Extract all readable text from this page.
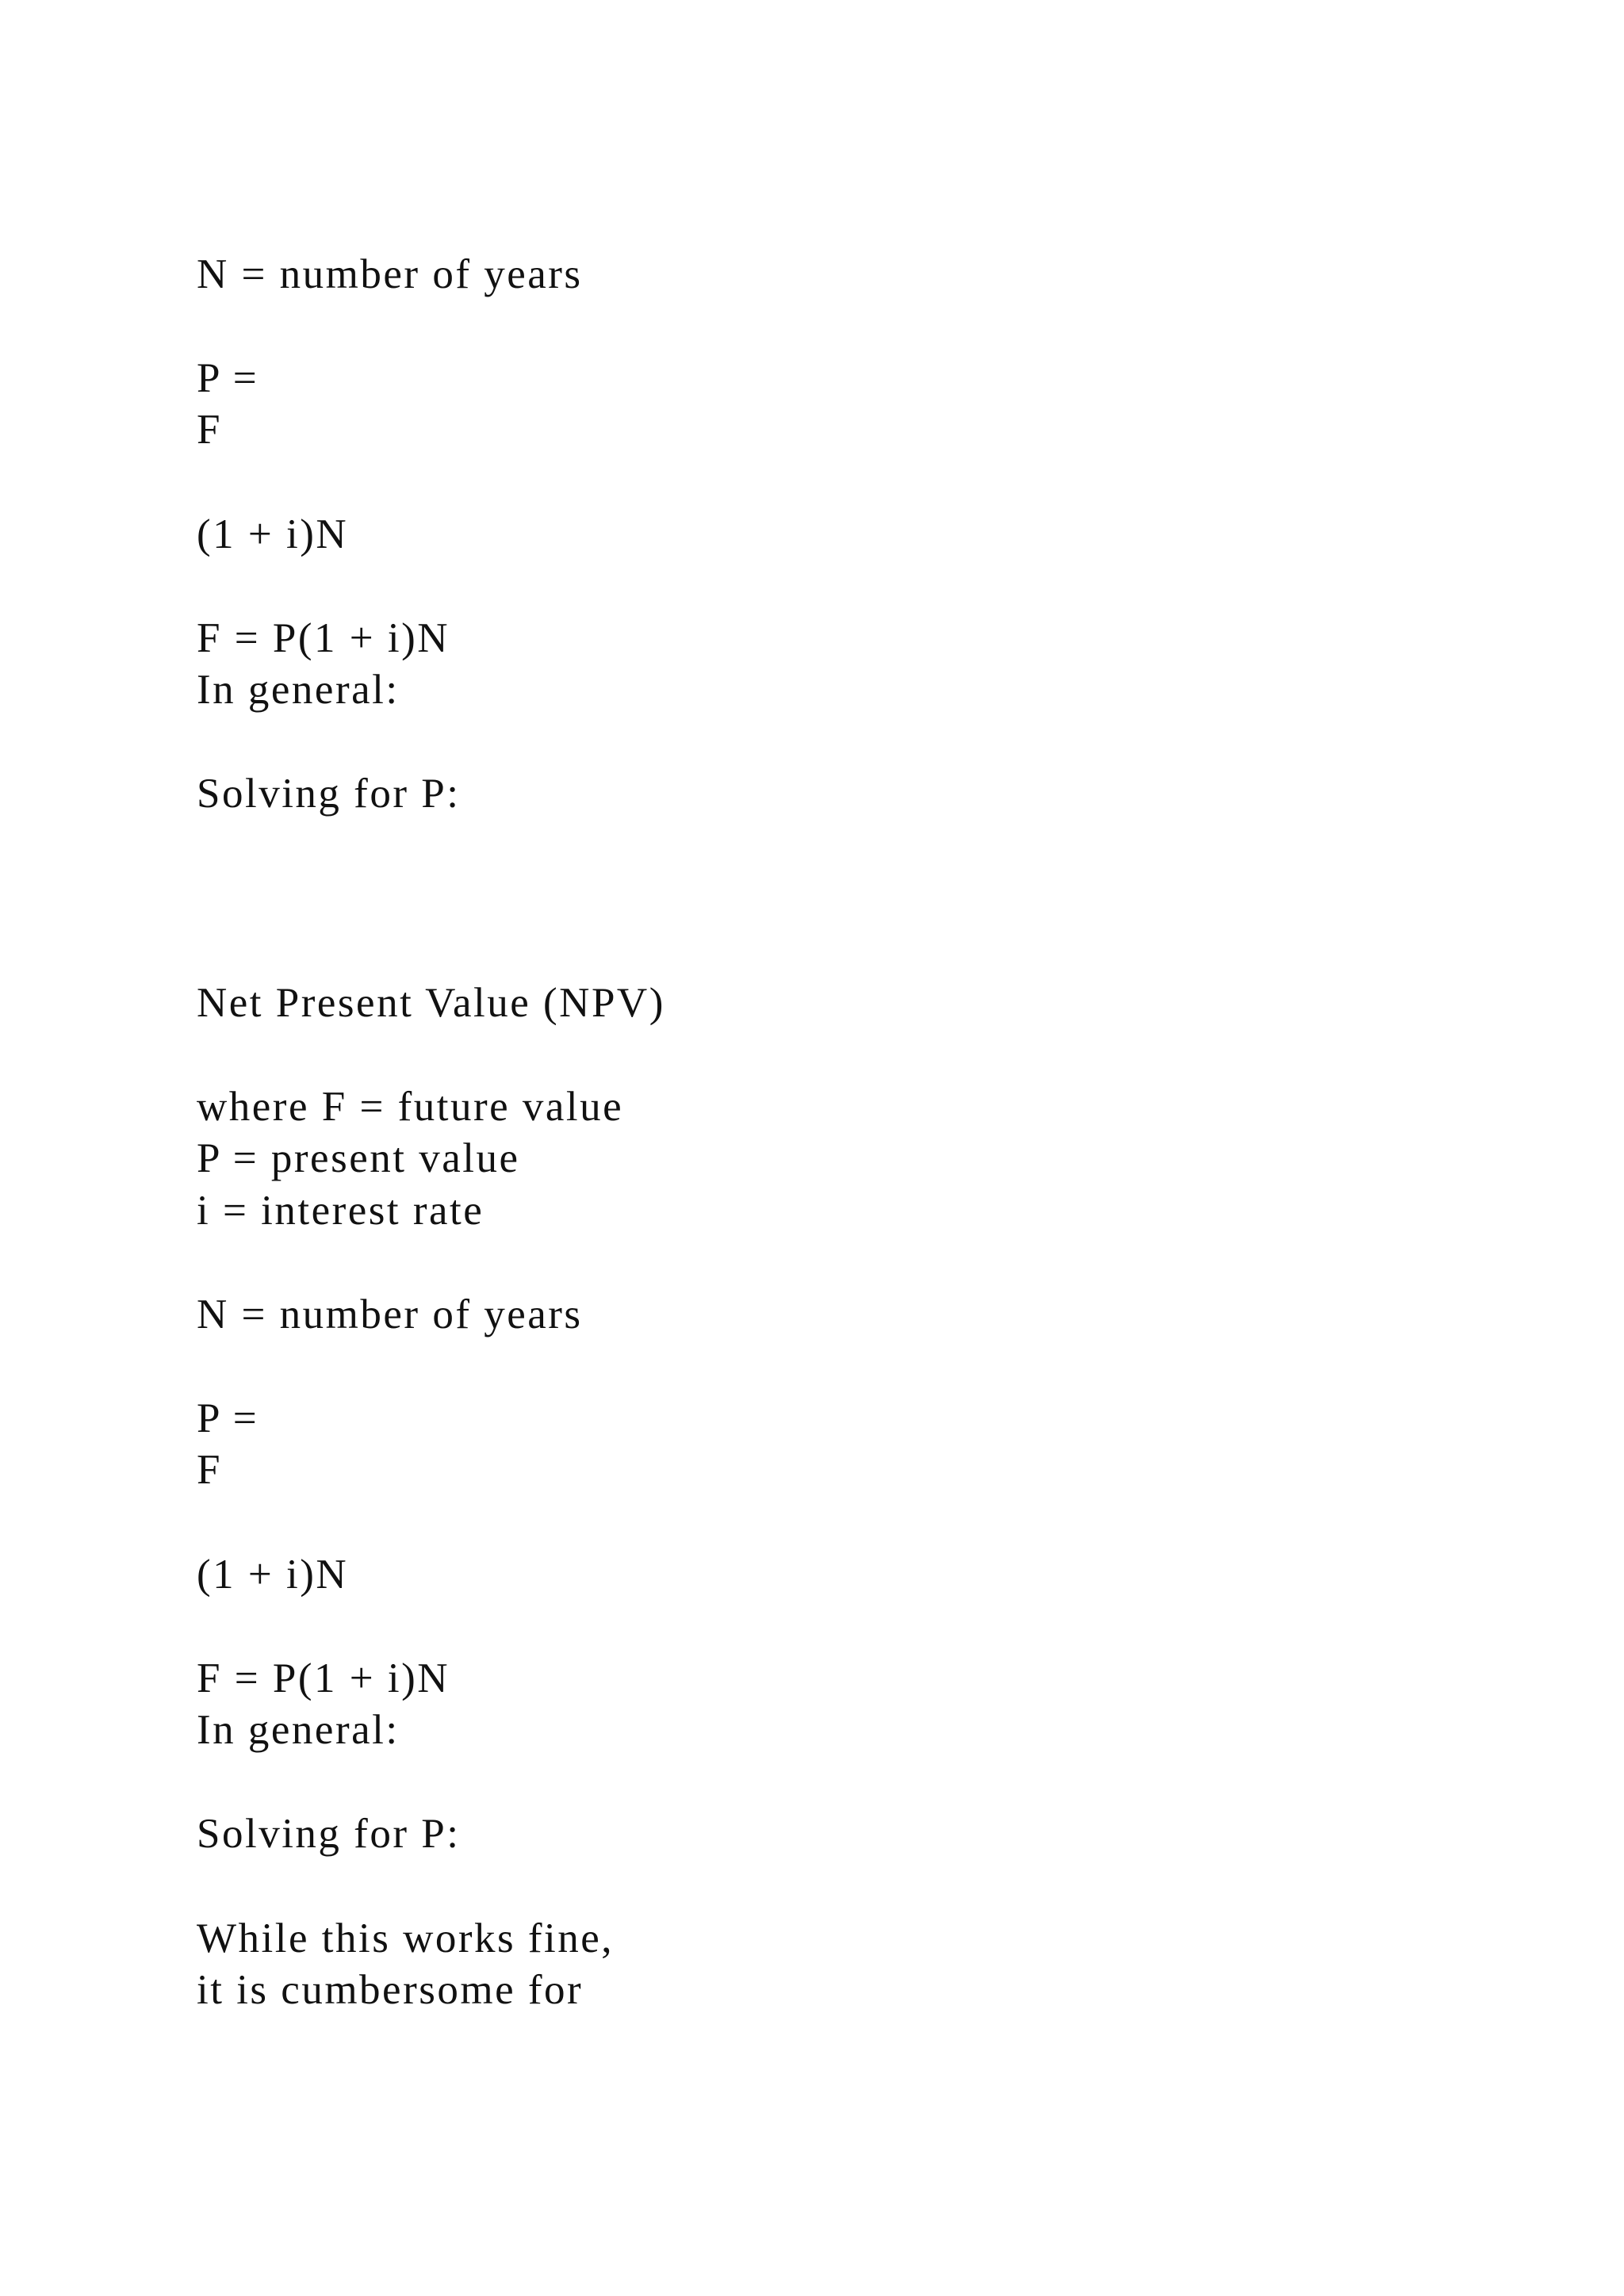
N = number of years

P =

F

(1 + i)N

F = P(1 + i)N

In general:

Solving for P:

Net Present Value (NPV)

where F = future value

P = present value

i = interest rate

N = number of years

P =

F

(1 + i)N

F = P(1 + i)N

In general:

Solving for P:

While this works fine,

it is cumbersome for
